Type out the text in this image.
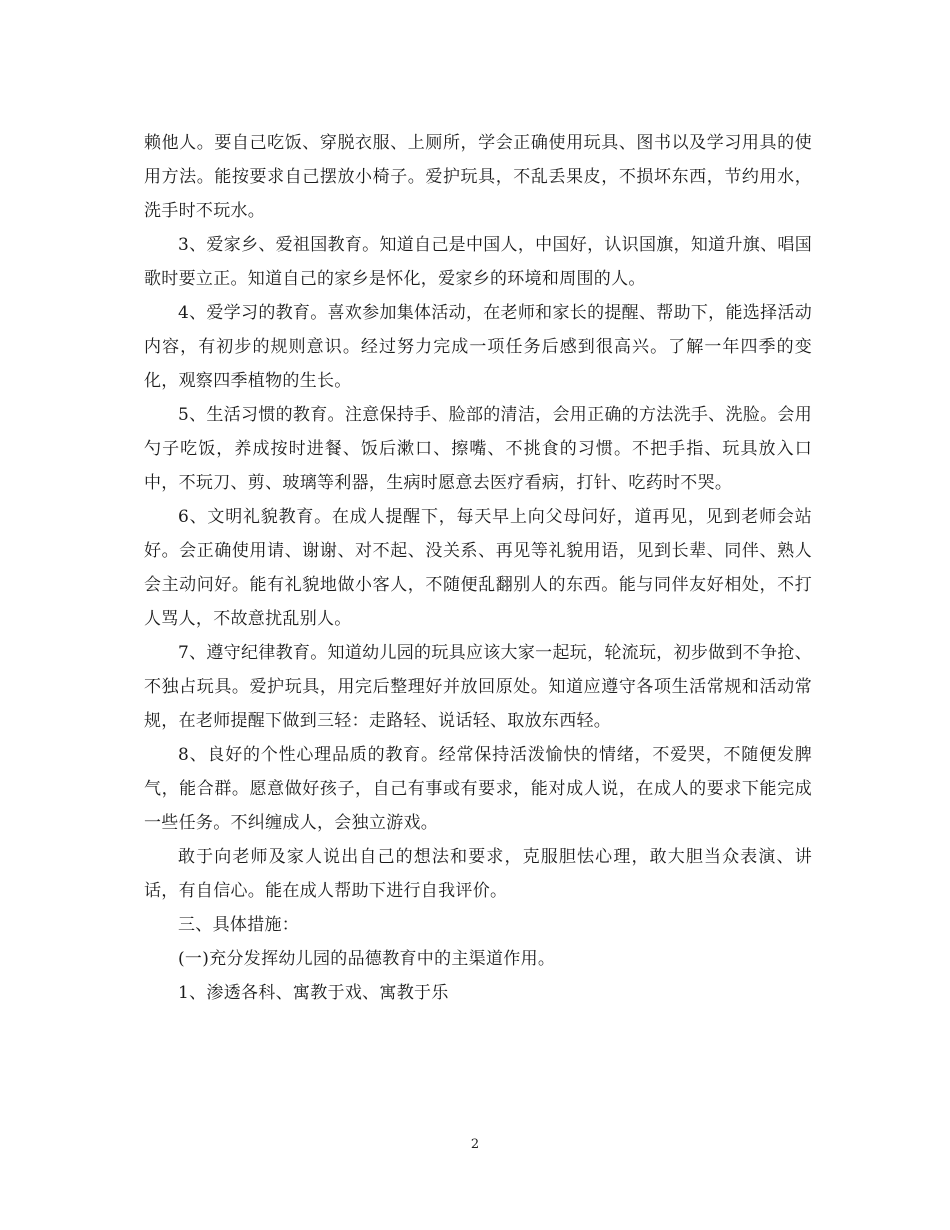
赖他人。要自己吃饭、穿脱衣服、上厕所，学会正确使用玩具、图书以及学习用具的使用方法。能按要求自己摆放小椅子。爱护玩具，不乱丢果皮，不损坏东西，节约用水，洗手时不玩水。

3、爱家乡、爱祖国教育。知道自己是中国人，中国好，认识国旗，知道升旗、唱国歌时要立正。知道自己的家乡是怀化，爱家乡的环境和周围的人。

4、爱学习的教育。喜欢参加集体活动，在老师和家长的提醒、帮助下，能选择活动内容，有初步的规则意识。经过努力完成一项任务后感到很高兴。了解一年四季的变化，观察四季植物的生长。

5、生活习惯的教育。注意保持手、脸部的清洁，会用正确的方法洗手、洗脸。会用勺子吃饭，养成按时进餐、饭后漱口、擦嘴、不挑食的习惯。不把手指、玩具放入口中，不玩刀、剪、玻璃等利器，生病时愿意去医疗看病，打针、吃药时不哭。

6、文明礼貌教育。在成人提醒下，每天早上向父母问好，道再见，见到老师会站好。会正确使用请、谢谢、对不起、没关系、再见等礼貌用语，见到长辈、同伴、熟人会主动问好。能有礼貌地做小客人，不随便乱翻别人的东西。能与同伴友好相处，不打人骂人，不故意扰乱别人。

7、遵守纪律教育。知道幼儿园的玩具应该大家一起玩，轮流玩，初步做到不争抢、不独占玩具。爱护玩具，用完后整理好并放回原处。知道应遵守各项生活常规和活动常规，在老师提醒下做到三轻：走路轻、说话轻、取放东西轻。

8、良好的个性心理品质的教育。经常保持活泼愉快的情绪，不爱哭，不随便发脾气，能合群。愿意做好孩子，自己有事或有要求，能对成人说，在成人的要求下能完成一些任务。不纠缠成人，会独立游戏。

敢于向老师及家人说出自己的想法和要求，克服胆怯心理，敢大胆当众表演、讲话，有自信心。能在成人帮助下进行自我评价。

三、具体措施：

(一)充分发挥幼儿园的品德教育中的主渠道作用。

1、渗透各科、寓教于戏、寓教于乐

2
